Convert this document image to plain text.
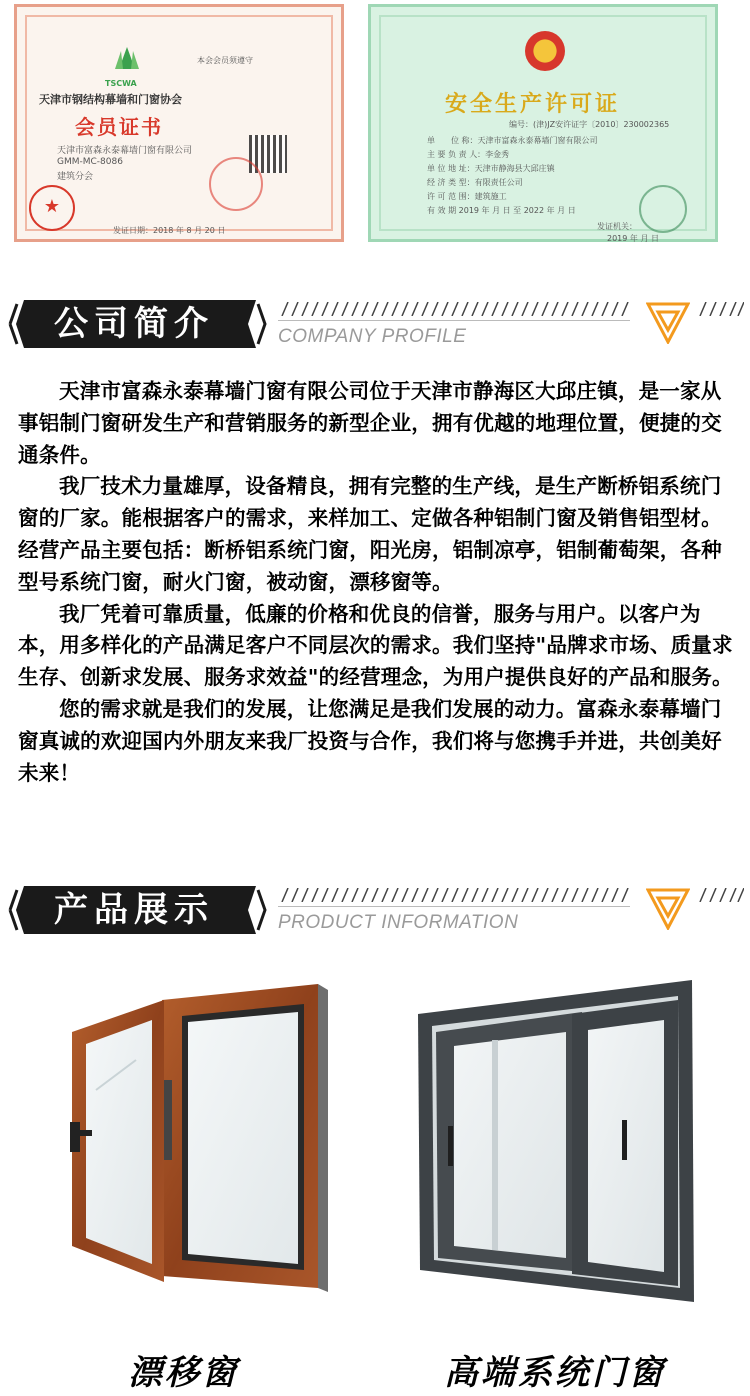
TSCWA
天津市钢结构幕墙和门窗协会
本会会员须遵守
会员证书
天津市富森永泰幕墙门窗有限公司
GMM-MC-8086
建筑分会
发证日期：2018 年 8 月 20 日
★
安全生产许可证
编号：(津)JZ安许证字〔2010〕230002365
单　　位 称：天津市富森永泰幕墙门窗有限公司
主 要 负 责 人：李金秀
单 位 地 址：天津市静海县大邱庄镇
经 济 类 型：有限责任公司
许 可 范 围：建筑施工
有 效 期 2019 年 月 日 至 2022 年 月 日
发证机关：
2019 年 月 日
公司简介	COMPANY PROFILE

天津市富森永泰幕墙门窗有限公司位于天津市静海区大邱庄镇，是一家从事铝制门窗研发生产和营销服务的新型企业，拥有优越的地理位置，便捷的交通条件。

我厂技术力量雄厚，设备精良，拥有完整的生产线，是生产断桥铝系统门窗的厂家。能根据客户的需求，来样加工、定做各种铝制门窗及销售铝型材。经营产品主要包括：断桥铝系统门窗，阳光房，铝制凉亭，铝制葡萄架，各种型号系统门窗，耐火门窗，被动窗，漂移窗等。

我厂凭着可靠质量，低廉的价格和优良的信誉，服务与用户。以客户为本，用多样化的产品满足客户不同层次的需求。我们坚持"品牌求市场、质量求生存、创新求发展、服务求效益"的经营理念，为用户提供良好的产品和服务。

您的需求就是我们的发展，让您满足是我们发展的动力。富森永泰幕墙门窗真诚的欢迎国内外朋友来我厂投资与合作，我们将与您携手并进，共创美好未来！

产品展示	PRODUCT INFORMATION
漂移窗	高端系统门窗
